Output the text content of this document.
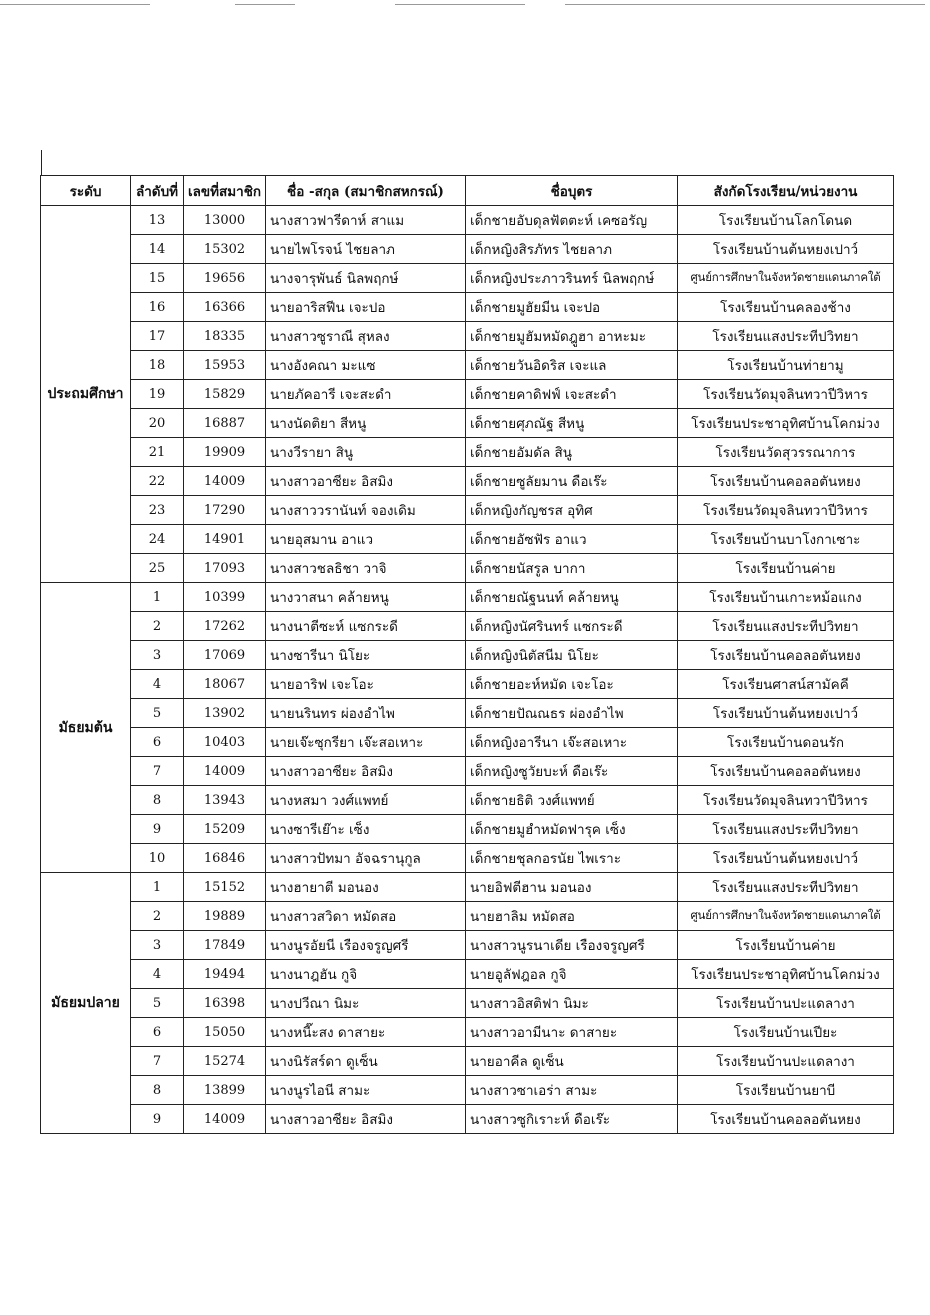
ระดับ	ลำดับที่	เลขที่สมาชิก	ชื่อ -สกุล (สมาชิกสหกรณ์)	ชื่อบุตร	สังกัดโรงเรียน/หน่วยงาน
ประถมศึกษา	13	13000	นางสาวฟารีดาห์ สาแม	เด็กชายอับดุลฟัตตะห์ เคซอรัญ	โรงเรียนบ้านโลกโดนด
	14	15302	นายไพโรจน์ ไชยลาภ	เด็กหญิงสิรภัทร ไชยลาภ	โรงเรียนบ้านต้นหยงเปาว์
	15	19656	นางจารุพันธ์ นิลพฤกษ์	เด็กหญิงประภาวรินทร์ นิลพฤกษ์	ศูนย์การศึกษาในจังหวัดชายแดนภาคใต้
	16	16366	นายอาริสฟีน เจะปอ	เด็กชายมูฮัยมีน เจะปอ	โรงเรียนบ้านคลองช้าง
	17	18335	นางสาวซูราณี สุหลง	เด็กชายมูฮัมหมัดฎูฮา อาหะมะ	โรงเรียนแสงประทีปวิทยา
	18	15953	นางอังคณา มะแซ	เด็กชายวันอิดริส เจะแล	โรงเรียนบ้านท่ายามู
	19	15829	นายภัคอารี เจะสะดำ	เด็กชายคาดิฟฟ์ เจะสะดำ	โรงเรียนวัดมุจลินทวาปีวิหาร
	20	16887	นางนัดติยา สีหนู	เด็กชายศุภณัฐ สีหนู	โรงเรียนประชาอุทิศบ้านโคกม่วง
	21	19909	นางวีรายา สินู	เด็กชายอัมดัล สินู	โรงเรียนวัดสุวรรณาการ
	22	14009	นางสาวอาซียะ อิสมิง	เด็กชายซูลัยมาน ดือเร๊ะ	โรงเรียนบ้านคอลอตันหยง
	23	17290	นางสาววรานันท์ จองเดิม	เด็กหญิงกัญชรส อุทิศ	โรงเรียนวัดมุจลินทวาปีวิหาร
	24	14901	นายอุสมาน อาแว	เด็กชายอัซฟัร อาแว	โรงเรียนบ้านบาโงกาเซาะ
	25	17093	นางสาวชลธิชา วาจิ	เด็กชายนัสรูล บากา	โรงเรียนบ้านค่าย
มัธยมต้น	1	10399	นางวาสนา คล้ายหนู	เด็กชายณัฐนนท์ คล้ายหนู	โรงเรียนบ้านเกาะหม้อแกง
	2	17262	นางนาตีซะห์ แซกระดี	เด็กหญิงนัศรินทร์ แซกระดี	โรงเรียนแสงประทีปวิทยา
	3	17069	นางซารีนา นิโยะ	เด็กหญิงนิตัสนีม นิโยะ	โรงเรียนบ้านคอลอตันหยง
	4	18067	นายอาริฟ เจะโอะ	เด็กชายอะห์หมัด เจะโอะ	โรงเรียนศาสน์สามัคคี
	5	13902	นายนรินทร ผ่องอำไพ	เด็กชายปัณณธร ผ่องอำไพ	โรงเรียนบ้านต้นหยงเปาว์
	6	10403	นายเจ๊ะซุกรียา เจ๊ะสอเหาะ	เด็กหญิงอารีนา เจ๊ะสอเหาะ	โรงเรียนบ้านดอนรัก
	7	14009	นางสาวอาซียะ อิสมิง	เด็กหญิงซูวัยบะห์ ดือเร๊ะ	โรงเรียนบ้านคอลอตันหยง
	8	13943	นางหสมา วงศ์แพทย์	เด็กชายธิติ วงศ์แพทย์	โรงเรียนวัดมุจลินทวาปีวิหาร
	9	15209	นางซารีเย๊าะ เซ็ง	เด็กชายมูฮำหมัดฟารุค เซ็ง	โรงเรียนแสงประทีปวิทยา
	10	16846	นางสาวปัทมา อัจฉรานุกูล	เด็กชายชุลกอรนัย ไพเราะ	โรงเรียนบ้านต้นหยงเปาว์
มัธยมปลาย	1	15152	นางฮายาตี มอนอง	นายอิฟตีฮาน มอนอง	โรงเรียนแสงประทีปวิทยา
	2	19889	นางสาวสวิดา หมัดสอ	นายฮาลิม หมัดสอ	ศูนย์การศึกษาในจังหวัดชายแดนภาคใต้
	3	17849	นางนูรอัยนี เรืองจรูญศรี	นางสาวนูรนาเดีย เรืองจรูญศรี	โรงเรียนบ้านค่าย
	4	19494	นางนาฎฮัน กูจิ	นายอูลัฟฎอล กูจิ	โรงเรียนประชาอุทิศบ้านโคกม่วง
	5	16398	นางปวีณา นิมะ	นางสาวอิสติฟา นิมะ	โรงเรียนบ้านปะแดลางา
	6	15050	นางหนี๊ะสง ดาสายะ	นางสาวอามีนาะ ดาสายะ	โรงเรียนบ้านเปียะ
	7	15274	นางนิรัสร์ดา ดูเซ็น	นายอาคีล ดูเซ็น	โรงเรียนบ้านปะแดลางา
	8	13899	นางนูรไอนี สามะ	นางสาวซาเอร่า สามะ	โรงเรียนบ้านยาบี
	9	14009	นางสาวอาซียะ อิสมิง	นางสาวซูกิเราะห์ ดือเร๊ะ	โรงเรียนบ้านคอลอตันหยง
